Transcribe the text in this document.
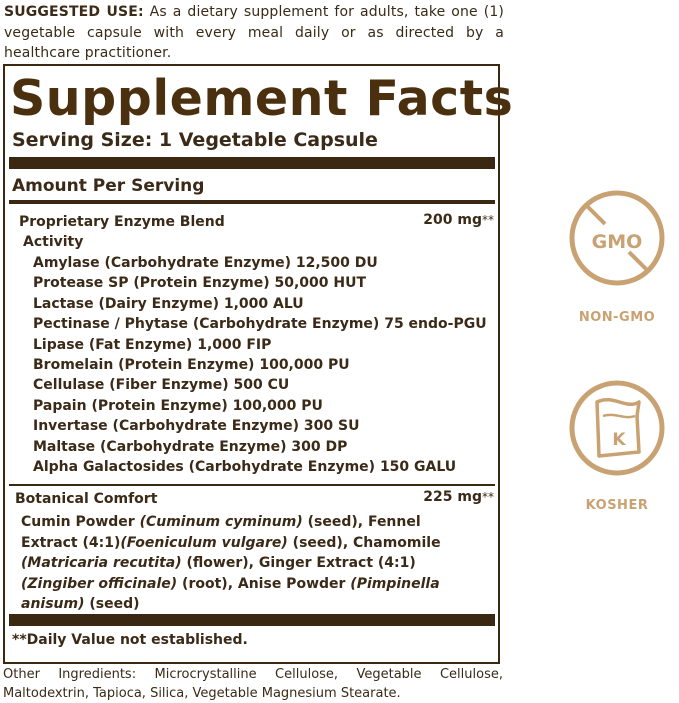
SUGGESTED USE: As a dietary supplement for adults, take one (1) vegetable capsule with every meal daily or as directed by a healthcare practitioner.
Supplement Facts
Serving Size: 1 Vegetable Capsule
Amount Per Serving
Proprietary Enzyme Blend	200 mg**
Activity
Amylase (Carbohydrate Enzyme) 12,500 DU
Protease SP (Protein Enzyme) 50,000 HUT
Lactase (Dairy Enzyme) 1,000 ALU
Pectinase / Phytase (Carbohydrate Enzyme) 75 endo-PGU
Lipase (Fat Enzyme) 1,000 FIP
Bromelain (Protein Enzyme) 100,000 PU
Cellulase (Fiber Enzyme) 500 CU
Papain (Protein Enzyme) 100,000 PU
Invertase (Carbohydrate Enzyme) 300 SU
Maltase (Carbohydrate Enzyme) 300 DP
Alpha Galactosides (Carbohydrate Enzyme) 150 GALU
Botanical Comfort	225 mg**
Cumin Powder (Cuminum cyminum) (seed), Fennel Extract (4:1)(Foeniculum vulgare) (seed), Chamomile (Matricaria recutita) (flower), Ginger Extract (4:1) (Zingiber officinale) (root), Anise Powder (Pimpinella anisum) (seed)
**Daily Value not established.
Other Ingredients: Microcrystalline Cellulose, Vegetable Cellulose, Maltodextrin, Tapioca, Silica, Vegetable Magnesium Stearate.
GMO
NON-GMO
K
KOSHER
